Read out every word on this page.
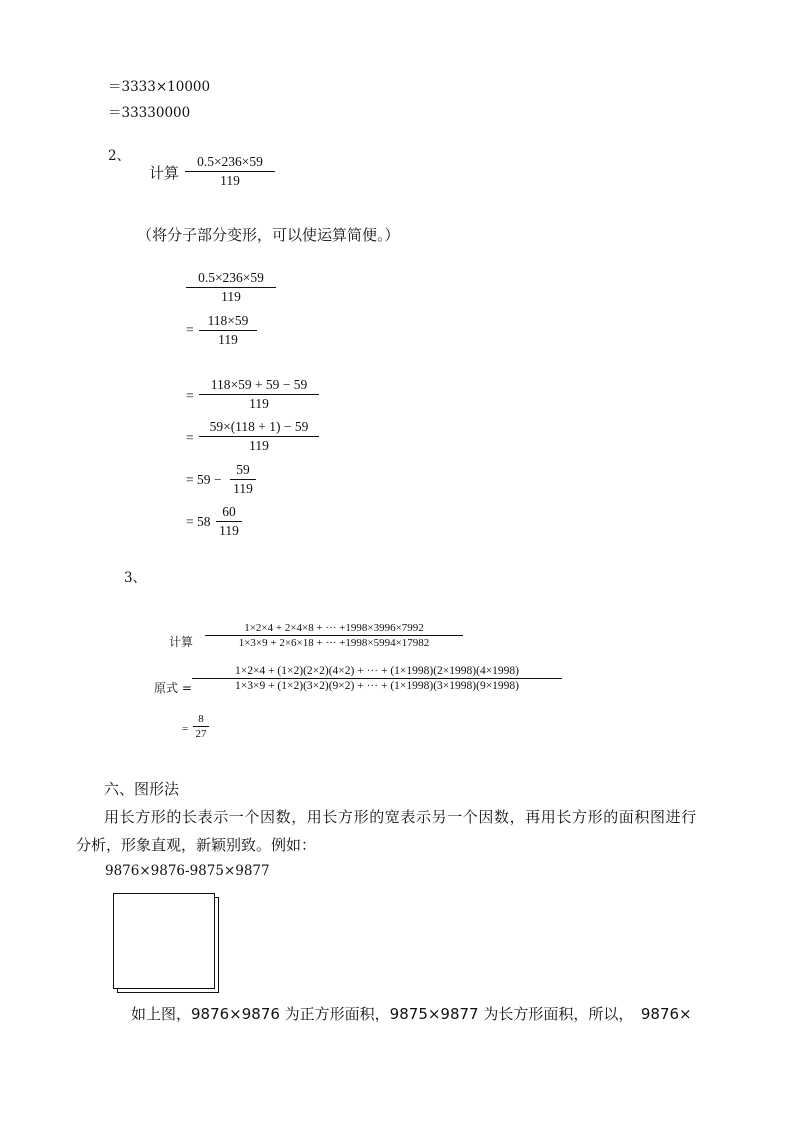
＝3333×10000
＝33330000
2、
计算
0.5×236×59
119
（将分子部分变形，可以使运算简便。）
0.5×236×59
119
=
118×59
119
=
118×59 + 59 − 59
119
=
59×(118 + 1) − 59
119
= 59 −
59
119
= 58
60
119
3、
计算
1×2×4 + 2×4×8 + ··· +1998×3996×7992
1×3×9 + 2×6×18 + ··· +1998×5994×17982
原式 =
1×2×4 + (1×2)(2×2)(4×2) + ··· + (1×1998)(2×1998)(4×1998)
1×3×9 + (1×2)(3×2)(9×2) + ··· + (1×1998)(3×1998)(9×1998)
=
8
27
六、图形法
用长方形的长表示一个因数，用长方形的宽表示另一个因数，再用长方形的面积图进行
分析，形象直观，新颖别致。例如：
9876×9876-9875×9877
如上图，9876×9876 为正方形面积，9875×9877 为长方形面积，所以，　9876×
